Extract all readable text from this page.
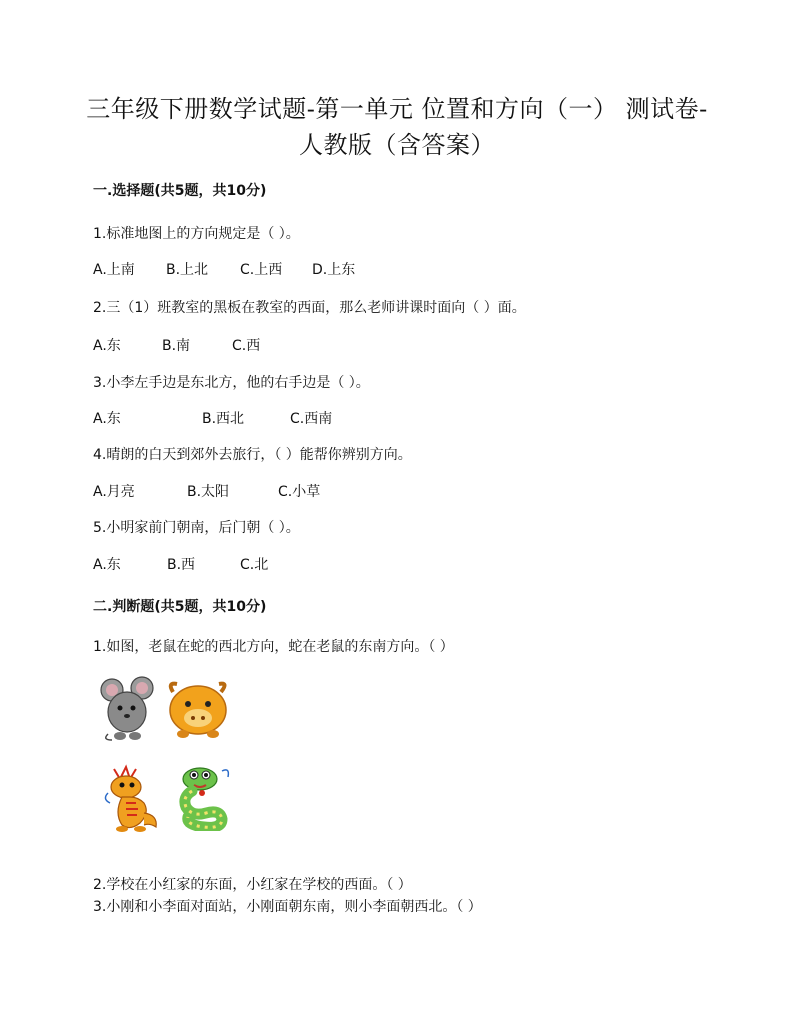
三年级下册数学试题-第一单元 位置和方向（一） 测试卷-
人教版（含答案）
一.选择题(共5题，共10分)
1.标准地图上的方向规定是（ ）。
A.上南 B.上北 C.上西 D.上东
2.三（1）班教室的黑板在教室的西面，那么老师讲课时面向（ ）面。
A.东	B.南	C.西
3.小李左手边是东北方，他的右手边是（ ）。
A.东	B.西北	C.西南
4.晴朗的白天到郊外去旅行，（ ）能帮你辨别方向。
A.月亮	B.太阳	C.小草
5.小明家前门朝南，后门朝（ ）。
A.东	B.西	C.北
二.判断题(共5题，共10分)
1.如图，老鼠在蛇的西北方向，蛇在老鼠的东南方向。（ ）
2.学校在小红家的东面，小红家在学校的西面。（ ）
3.小刚和小李面对面站，小刚面朝东南，则小李面朝西北。（ ）
